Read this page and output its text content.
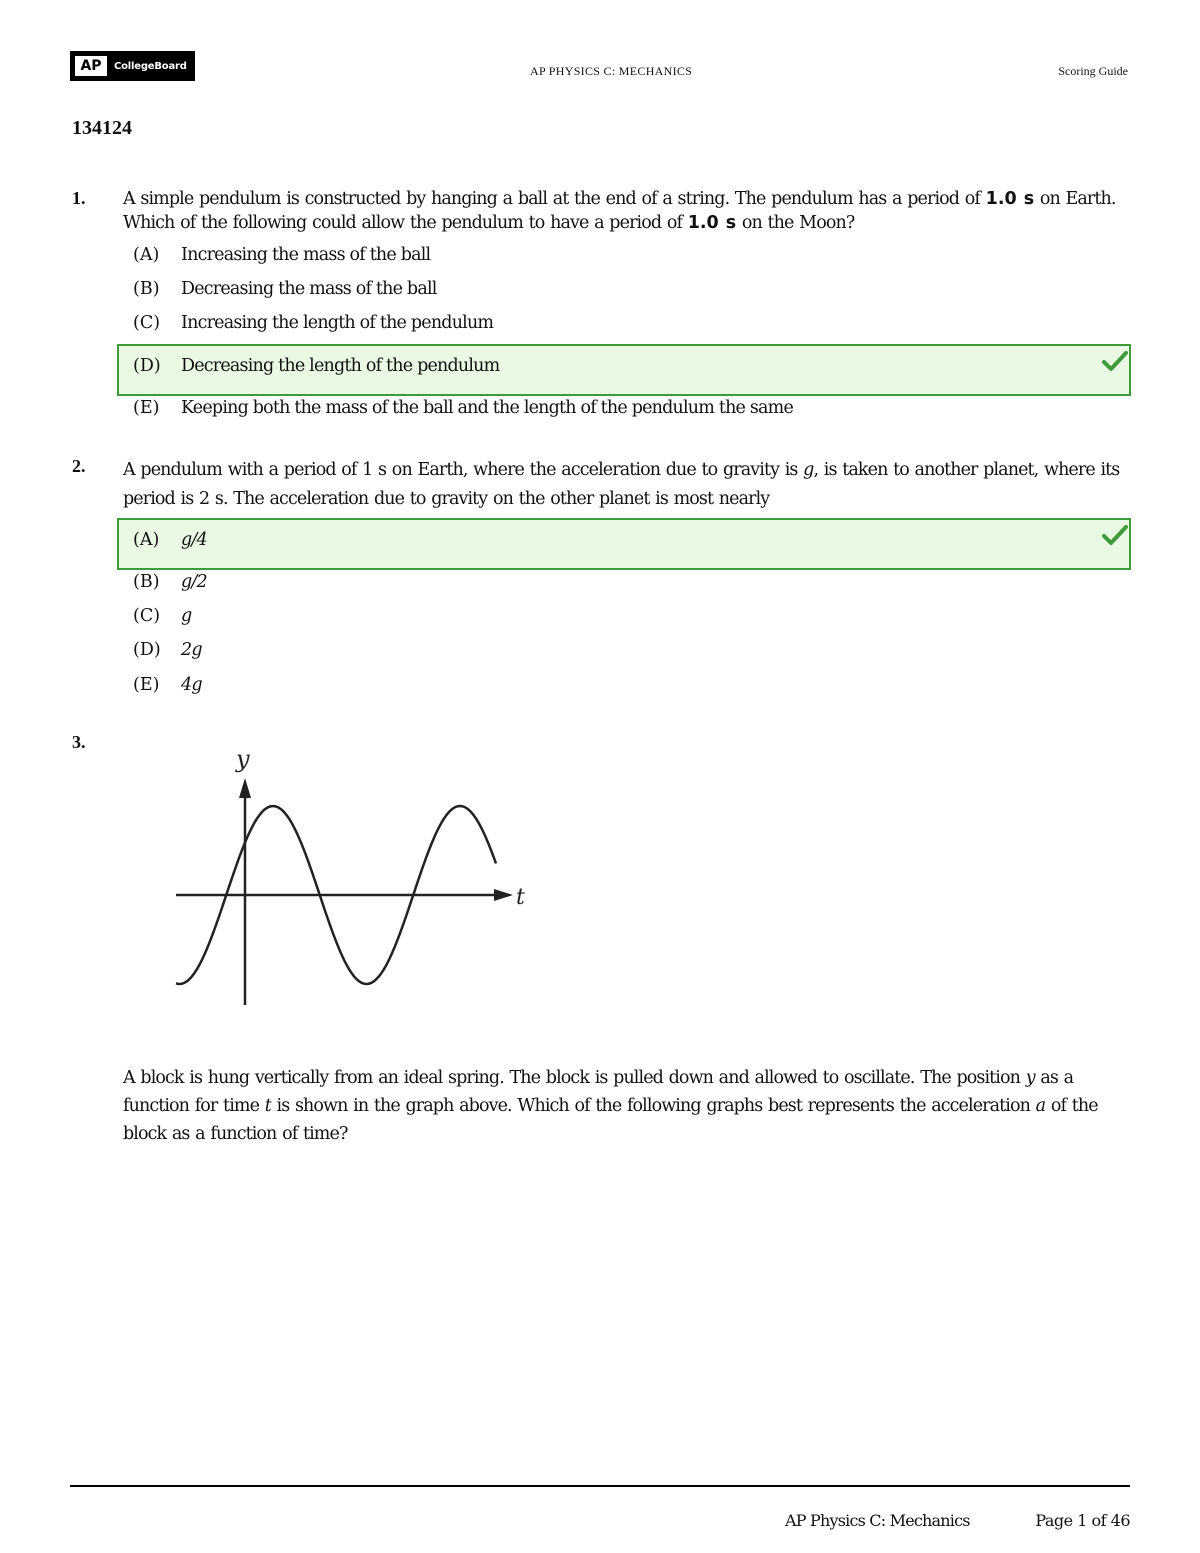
AP	CollegeBoard	AP PHYSICS C: MECHANICS	Scoring Guide
134124
1. A simple pendulum is constructed by hanging a ball at the end of a string. The pendulum has a period of 1.0 s on Earth. Which of the following could allow the pendulum to have a period of 1.0 s on the Moon?
(A) Increasing the mass of the ball
(B) Decreasing the mass of the ball
(C) Increasing the length of the pendulum
(D) Decreasing the length of the pendulum
(E) Keeping both the mass of the ball and the length of the pendulum the same
2. A pendulum with a period of 1 s on Earth, where the acceleration due to gravity is g, is taken to another planet, where its period is 2 s. The acceleration due to gravity on the other planet is most nearly
(A) g/4
(B) g/2
(C) g
(D) 2g
(E) 4g
3.
y
t
A block is hung vertically from an ideal spring. The block is pulled down and allowed to oscillate. The position y as a function for time t is shown in the graph above. Which of the following graphs best represents the acceleration a of the block as a function of time?
AP Physics C: Mechanics	Page 1 of 46
